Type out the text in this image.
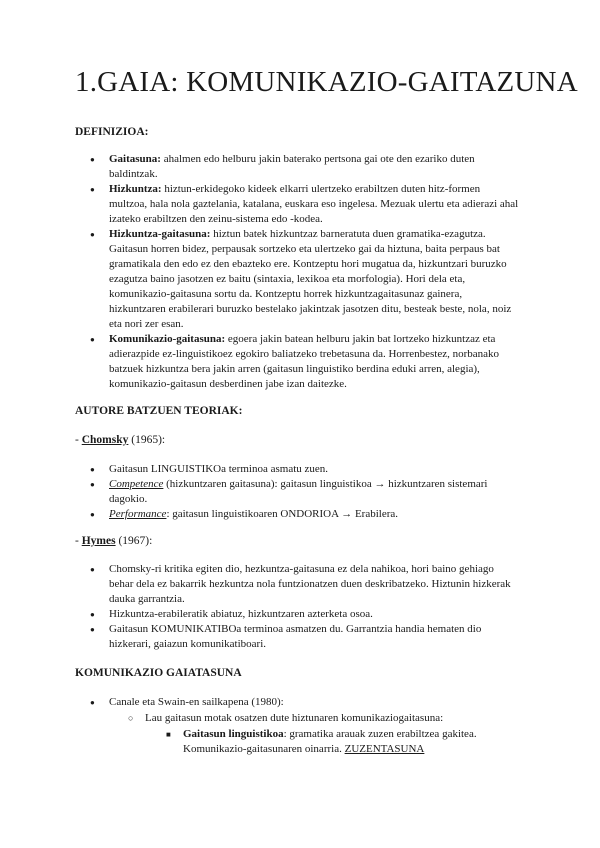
1.GAIA: KOMUNIKAZIO-GAITAZUNA

DEFINIZIOA:

● Gaitasuna: ahalmen edo helburu jakin baterako pertsona gai ote den ezariko duten baldintzak.
● Hizkuntza: hiztun-erkidegoko kideek elkarri ulertzeko erabiltzen duten hitz-formen multzoa, hala nola gaztelania, katalana, euskara eso ingelesa. Mezuak ulertu eta adierazi ahal izateko erabiltzen den zeinu-sistema edo -kodea.
● Hizkuntza-gaitasuna: hiztun batek hizkuntzaz barneratuta duen gramatika-ezagutza. Gaitasun horren bidez, perpausak sortzeko eta ulertzeko gai da hiztuna, baita perpaus bat gramatikala den edo ez den ebazteko ere. Kontzeptu hori mugatua da, hizkuntzari buruzko ezagutza baino jasotzen ez baitu (sintaxia, lexikoa eta morfologia). Hori dela eta, komunikazio-gaitasuna sortu da. Kontzeptu horrek hizkuntzagaitasunaz gainera, hizkuntzaren erabilerari buruzko bestelako jakintzak jasotzen ditu, besteak beste, nola, noiz eta nori zer esan.
● Komunikazio-gaitasuna: egoera jakin batean helburu jakin bat lortzeko hizkuntzaz eta adierazpide ez-linguistikoez egokiro baliatzeko trebetasuna da. Horrenbestez, norbanako batzuek hizkuntza bera jakin arren (gaitasun linguistiko berdina eduki arren, alegia), komunikazio-gaitasun desberdinen jabe izan daitezke.

AUTORE BATZUEN TEORIAK:

- Chomsky (1965):

● Gaitasun LINGUISTIKOa terminoa asmatu zuen.
● Competence (hizkuntzaren gaitasuna): gaitasun linguistikoa → hizkuntzaren sistemari dagokio.
● Performance: gaitasun linguistikoaren ONDORIOA → Erabilera.

- Hymes (1967):

● Chomsky-ri kritika egiten dio, hezkuntza-gaitasuna ez dela nahikoa, hori baino gehiago behar dela ez bakarrik hezkuntza nola funtzionatzen duen deskribatzeko. Hiztunin hizkerak dauka garrantzia.
● Hizkuntza-erabileratik abiatuz, hizkuntzaren azterketa osoa.
● Gaitasun KOMUNIKATIBOa terminoa asmatzen du. Garrantzia handia hematen dio hizkerari, gaiazun komunikatiboari.

KOMUNIKAZIO GAIATASUNA

● Canale eta Swain-en sailkapena (1980):
○ Lau gaitasun motak osatzen dute hiztunaren komunikaziogaitasuna:
■ Gaitasun linguistikoa: gramatika arauak zuzen erabiltzea gakitea. Komunikazio-gaitasunaren oinarria. ZUZENTASUNA
